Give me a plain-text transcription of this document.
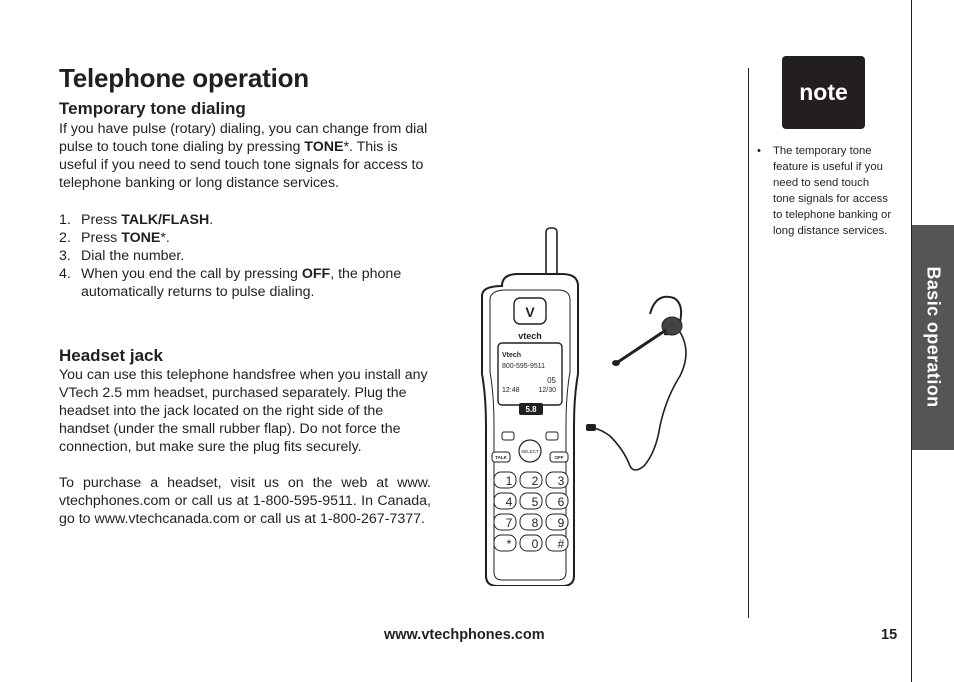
Telephone operation
Temporary tone dialing

If you have pulse (rotary) dialing, you can change from dial pulse to touch tone dialing by pressing TONE*. This is useful if you need to send touch tone signals for access to telephone banking or long distance services.

1. Press TALK/FLASH.
2. Press TONE*.
3. Dial the number.
4. When you end the call by pressing OFF, the phone automatically returns to pulse dialing.
Headset jack

You can use this telephone handsfree when you install any VTech 2.5 mm headset, purchased separately. Plug the headset into the jack located on the right side of the handset (under the small rubber flap). Do not force the connection, but make sure the plug fits securely.

To purchase a headset, visit us on the web at www. vtechphones.com or call us at 1-800-595-9511. In Canada, go to www.vtechcanada.com or call us at 1-800-267-7377.

V
vtech
Vtech
800-595-9511
05
12:48	12/30
5.8
SELECT
TALK	OFF
1 2 3
4 5 6
7 8 9
* 0 #
note
•	The temporary tone feature is useful if you need to send touch tone signals for access to telephone banking or long distance services.
Basic operation
www.vtechphones.com	15
